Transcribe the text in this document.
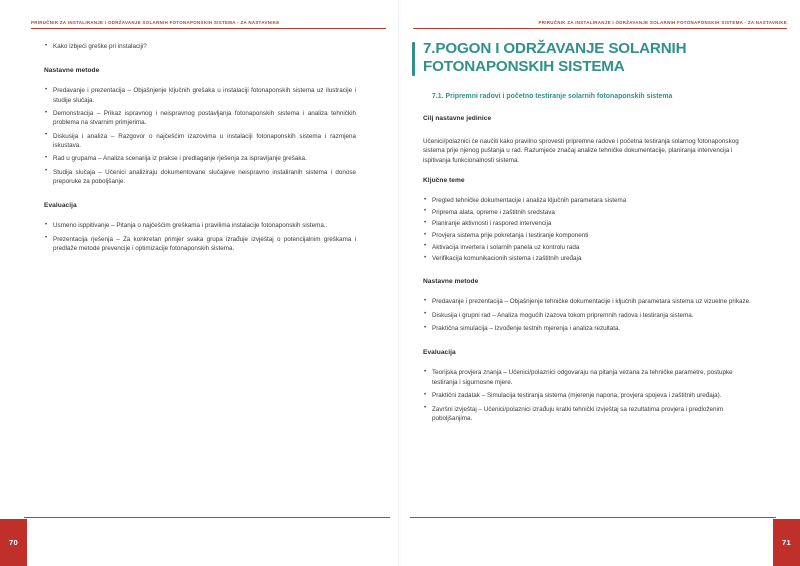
PRIRUČNIK ZA INSTALIRANJE I ODRŽAVANJE SOLARNIH FOTONAPONSKIH SISTEMA - ZA NASTAVNIKE
• Kako izbjeći greške pri instalaciji?
Nastavne metode
• Predavanje i prezentacija – Objašnjenje ključnih grešaka u instalaciji fotonaponskih sistema uz ilustracije i studije slučaja.
• Demonstracija – Prikaz ispravnog i neispravnog postavljanja fotonaponskih sistema i analiza tehničkih problema na stvarnim primjerima.
• Diskusija i analiza – Razgovor o najčešćim izazovima u instalaciji fotonaponskih sistema i razmjena iskustava.
• Rad u grupama – Analiza scenarija iz prakse i predlaganje rješenja za ispravljanje grešaka.
• Studija slučaja – Učenici analiziraju dokumentovane slučajeve neispravno instaliranih sistema i donose preporuke za poboljšanje.
Evaluacija
• Usmeno isppitivanje – Pitanja o najčešćim greškama i pravilima instalacije fotonaponskih sistema..
• Prezentacija rješenja – Za konkretan primjer svaka grupa izrađuje izvještaj o potencijalnim greškama i predlaže metode prevencije i optimizacije fotonaponskih sistema.
70
PRIRUČNIK ZA INSTALIRANJE I ODRŽAVANJE SOLARNIH FOTONAPONSKIH SISTEMA - ZA NASTAVNIKE
7.POGON I ODRŽAVANJE SOLARNIH FOTONAPONSKIH SISTEMA
7.1. Pripremni radovi i početno testiranje solarnih fotonaponskih sistema
Cilj nastavne jedinice

Učenici/polaznici će naučiti kako pravilno sprovesti pripremne radove i početna testiranja solarnog fotonaponskog sistema prije njenog puštanja u rad. Razumjeće značaj analize tehničke dokumentacije, planiranja intervencija i ispitivanja funkcionalnosti sistema.

Ključne teme
• Pregled tehničke dokumentacije i analiza ključnih parametara sistema
• Priprema alata, opreme i zaštitnih sredstava
• Planiranje aktivnosti i raspored intervencija
• Provjera sistema prije pokretanja i testiranje komponenti
• Aktivacija invertera i solarnih panela uz kontrolu rada
• Verifikacija komunikacionih sistema i zaštitnih uređaja
Nastavne metode
• Predavanje i prezentacija – Objašnjenje tehničke dokumentacije i ključnih parametara sistema uz vizuelne prikaze.
• Diskusija i grupni rad – Analiza mogućih izazova tokom pripremnih radova i testiranja sistema.
• Praktična simulacija – Izvođenje testnih mjerenja i analiza rezultata.
Evaluacija
• Teorijska provjera znanja – Učenici/polaznici odgovaraju na pitanja vezana za tehničke parametre, postupke testiranja i sigurnosne mjere.
• Praktični zadatak – Simulacija testiranja sistema (mjerenje napona, provjera spojeva i zaštitnih uređaja).
• Završni izvještaj – Učenici/polaznici izrađuju kratki tehnički izvještaj sa rezultatima provjera i predloženim poboljšanjima.
71
